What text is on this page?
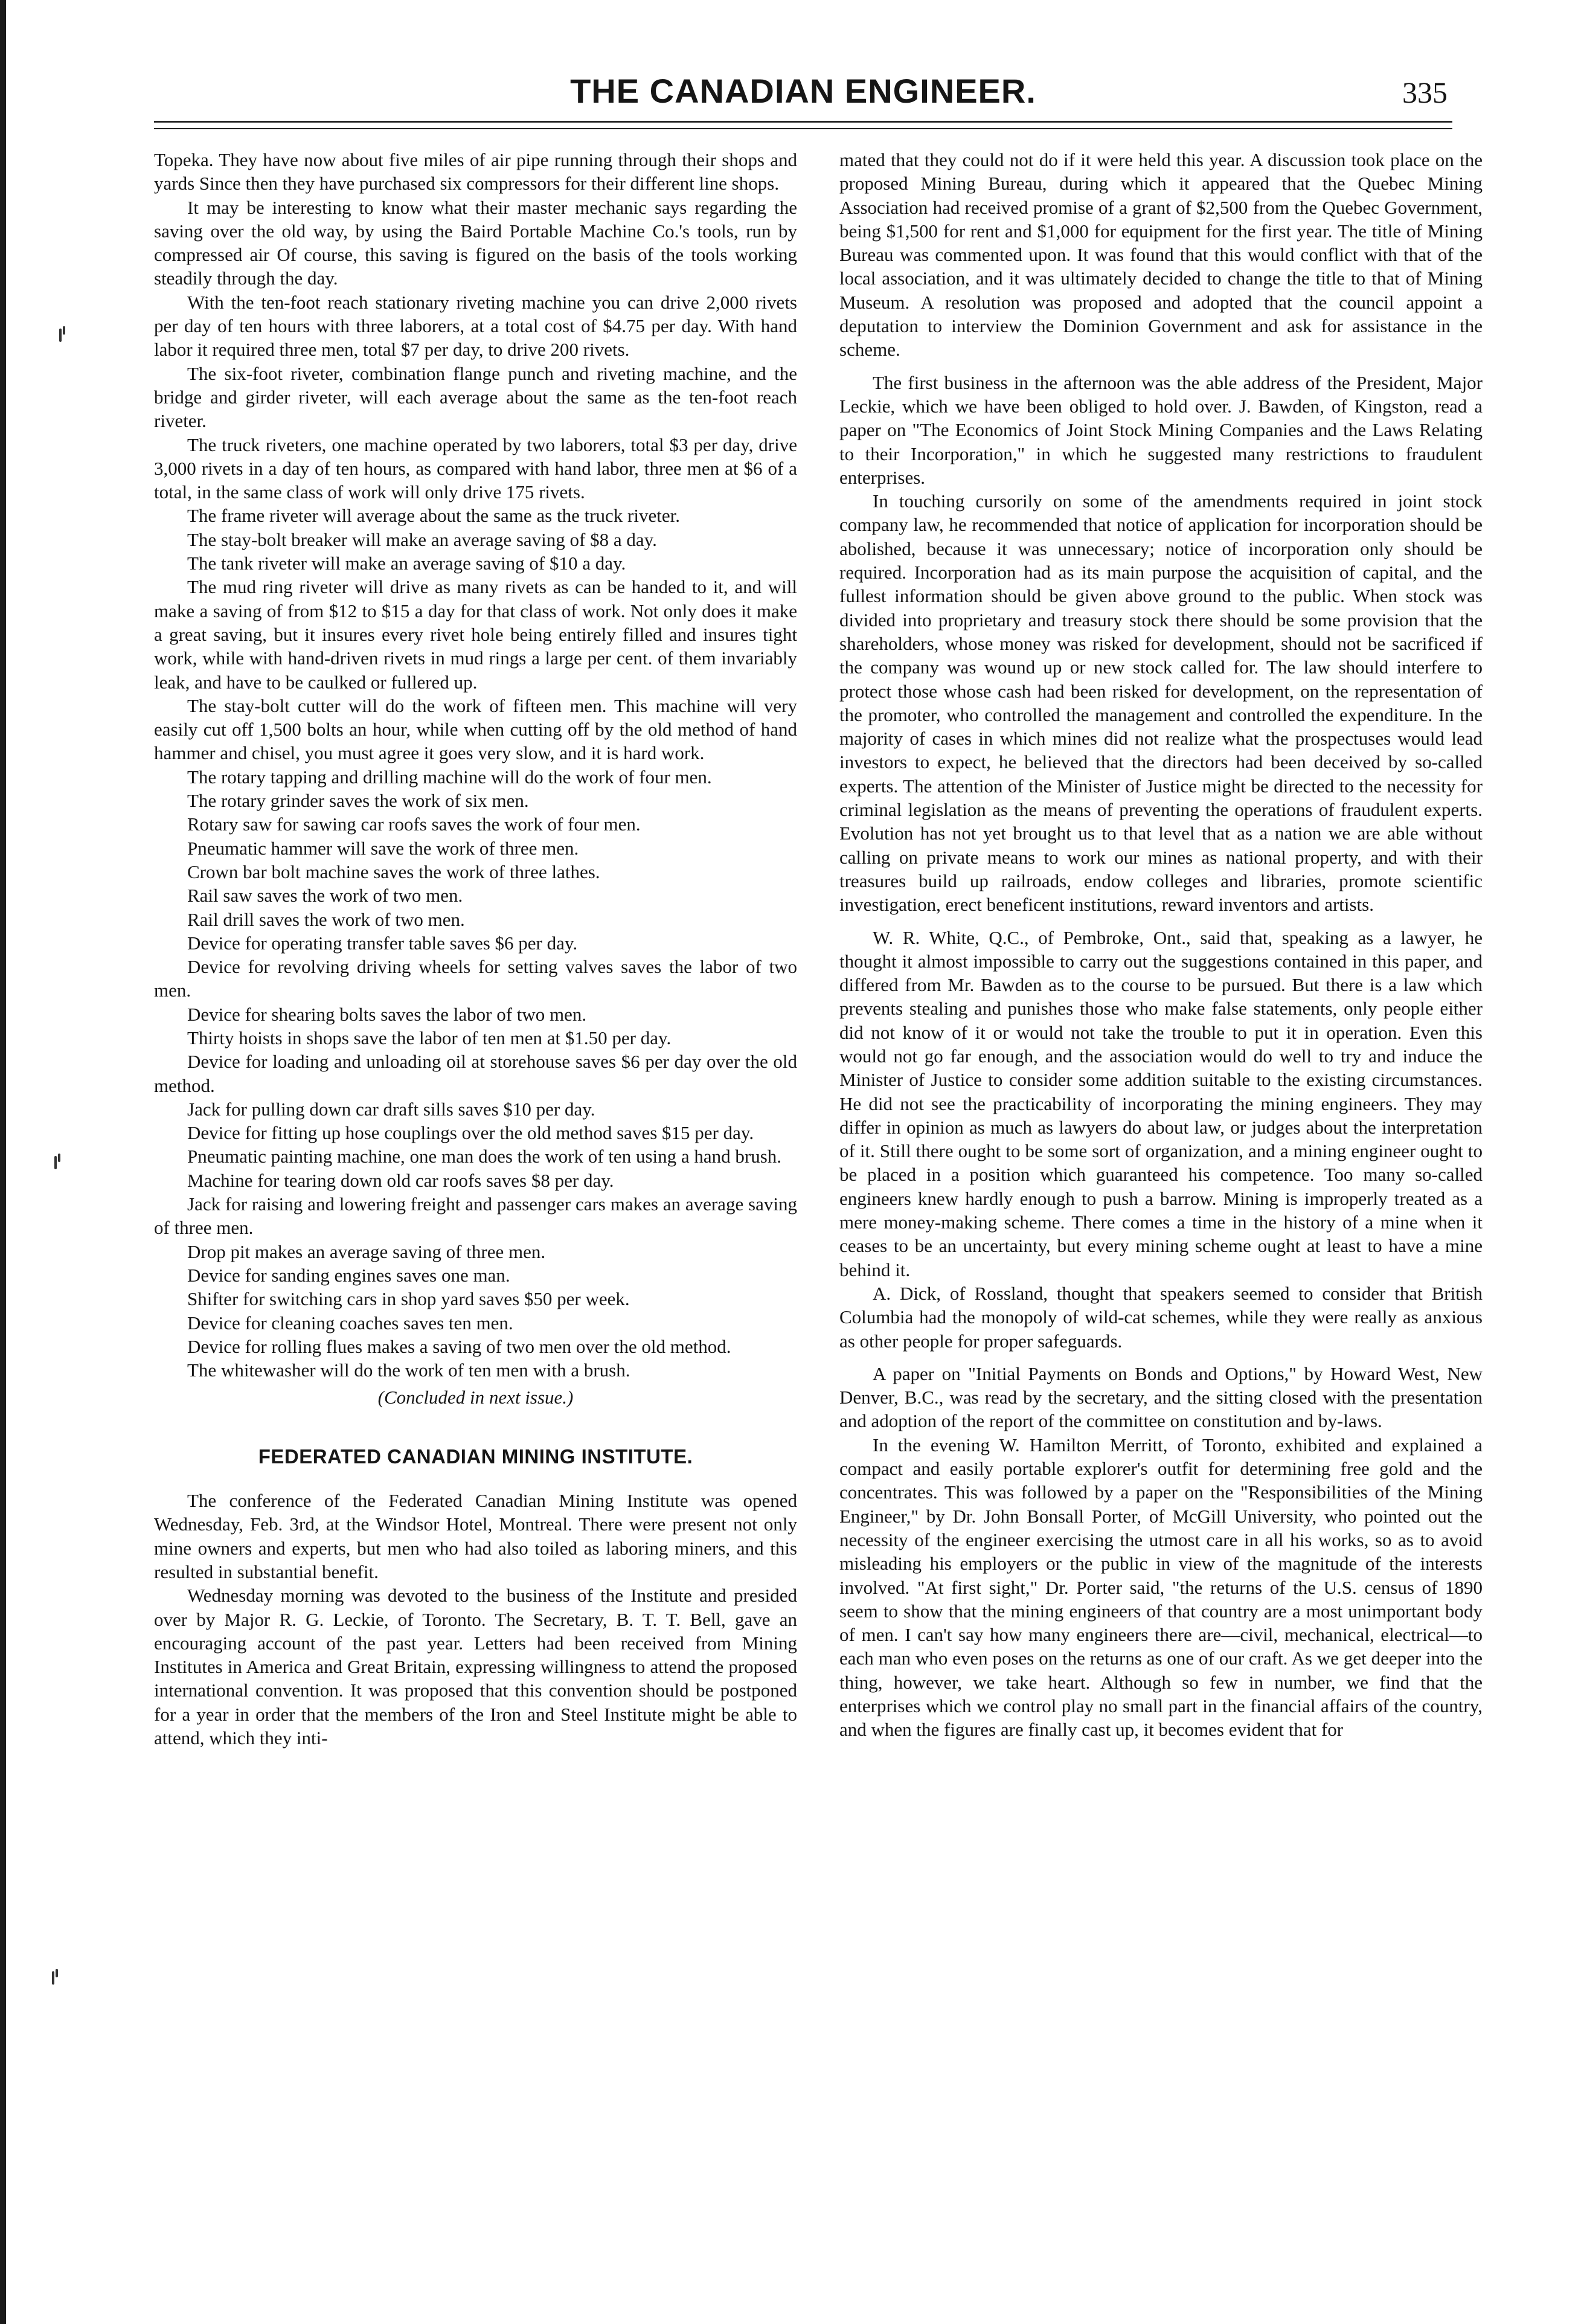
THE CANADIAN ENGINEER.	335

Topeka. They have now about five miles of air pipe running through their shops and yards Since then they have purchased six compressors for their different line shops.

It may be interesting to know what their master mechanic says regarding the saving over the old way, by using the Baird Portable Machine Co.'s tools, run by compressed air Of course, this saving is figured on the basis of the tools working steadily through the day.

With the ten-foot reach stationary riveting machine you can drive 2,000 rivets per day of ten hours with three laborers, at a total cost of $4.75 per day. With hand labor it required three men, total $7 per day, to drive 200 rivets.

The six-foot riveter, combination flange punch and riveting machine, and the bridge and girder riveter, will each average about the same as the ten-foot reach riveter.

The truck riveters, one machine operated by two laborers, total $3 per day, drive 3,000 rivets in a day of ten hours, as compared with hand labor, three men at $6 of a total, in the same class of work will only drive 175 rivets.

The frame riveter will average about the same as the truck riveter.

The stay-bolt breaker will make an average saving of $8 a day.

The tank riveter will make an average saving of $10 a day.

The mud ring riveter will drive as many rivets as can be handed to it, and will make a saving of from $12 to $15 a day for that class of work. Not only does it make a great saving, but it insures every rivet hole being entirely filled and insures tight work, while with hand-driven rivets in mud rings a large per cent. of them invariably leak, and have to be caulked or fullered up.

The stay-bolt cutter will do the work of fifteen men. This machine will very easily cut off 1,500 bolts an hour, while when cutting off by the old method of hand hammer and chisel, you must agree it goes very slow, and it is hard work.

The rotary tapping and drilling machine will do the work of four men.

The rotary grinder saves the work of six men.

Rotary saw for sawing car roofs saves the work of four men.

Pneumatic hammer will save the work of three men.

Crown bar bolt machine saves the work of three lathes.

Rail saw saves the work of two men.

Rail drill saves the work of two men.

Device for operating transfer table saves $6 per day.

Device for revolving driving wheels for setting valves saves the labor of two men.

Device for shearing bolts saves the labor of two men.

Thirty hoists in shops save the labor of ten men at $1.50 per day.

Device for loading and unloading oil at storehouse saves $6 per day over the old method.

Jack for pulling down car draft sills saves $10 per day.

Device for fitting up hose couplings over the old method saves $15 per day.

Pneumatic painting machine, one man does the work of ten using a hand brush.

Machine for tearing down old car roofs saves $8 per day.

Jack for raising and lowering freight and passenger cars makes an average saving of three men.

Drop pit makes an average saving of three men.

Device for sanding engines saves one man.

Shifter for switching cars in shop yard saves $50 per week.

Device for cleaning coaches saves ten men.

Device for rolling flues makes a saving of two men over the old method.

The whitewasher will do the work of ten men with a brush.

(Concluded in next issue.)

FEDERATED CANADIAN MINING INSTITUTE.

The conference of the Federated Canadian Mining Institute was opened Wednesday, Feb. 3rd, at the Windsor Hotel, Montreal. There were present not only mine owners and experts, but men who had also toiled as laboring miners, and this resulted in substantial benefit.

Wednesday morning was devoted to the business of the Institute and presided over by Major R. G. Leckie, of Toronto. The Secretary, B. T. T. Bell, gave an encouraging account of the past year. Letters had been received from Mining Institutes in America and Great Britain, expressing willingness to attend the proposed international convention. It was proposed that this convention should be postponed for a year in order that the members of the Iron and Steel Institute might be able to attend, which they inti-

mated that they could not do if it were held this year. A discussion took place on the proposed Mining Bureau, during which it appeared that the Quebec Mining Association had received promise of a grant of $2,500 from the Quebec Government, being $1,500 for rent and $1,000 for equipment for the first year. The title of Mining Bureau was commented upon. It was found that this would conflict with that of the local association, and it was ultimately decided to change the title to that of Mining Museum. A resolution was proposed and adopted that the council appoint a deputation to interview the Dominion Government and ask for assistance in the scheme.

The first business in the afternoon was the able address of the President, Major Leckie, which we have been obliged to hold over. J. Bawden, of Kingston, read a paper on "The Economics of Joint Stock Mining Companies and the Laws Relating to their Incorporation," in which he suggested many restrictions to fraudulent enterprises.

In touching cursorily on some of the amendments required in joint stock company law, he recommended that notice of application for incorporation should be abolished, because it was unnecessary; notice of incorporation only should be required. Incorporation had as its main purpose the acquisition of capital, and the fullest information should be given above ground to the public. When stock was divided into proprietary and treasury stock there should be some provision that the shareholders, whose money was risked for development, should not be sacrificed if the company was wound up or new stock called for. The law should interfere to protect those whose cash had been risked for development, on the representation of the promoter, who controlled the management and controlled the expenditure. In the majority of cases in which mines did not realize what the prospectuses would lead investors to expect, he believed that the directors had been deceived by so-called experts. The attention of the Minister of Justice might be directed to the necessity for criminal legislation as the means of preventing the operations of fraudulent experts. Evolution has not yet brought us to that level that as a nation we are able without calling on private means to work our mines as national property, and with their treasures build up railroads, endow colleges and libraries, promote scientific investigation, erect beneficent institutions, reward inventors and artists.

W. R. White, Q.C., of Pembroke, Ont., said that, speaking as a lawyer, he thought it almost impossible to carry out the suggestions contained in this paper, and differed from Mr. Bawden as to the course to be pursued. But there is a law which prevents stealing and punishes those who make false statements, only people either did not know of it or would not take the trouble to put it in operation. Even this would not go far enough, and the association would do well to try and induce the Minister of Justice to consider some addition suitable to the existing circumstances. He did not see the practicability of incorporating the mining engineers. They may differ in opinion as much as lawyers do about law, or judges about the interpretation of it. Still there ought to be some sort of organization, and a mining engineer ought to be placed in a position which guaranteed his competence. Too many so-called engineers knew hardly enough to push a barrow. Mining is improperly treated as a mere money-making scheme. There comes a time in the history of a mine when it ceases to be an uncertainty, but every mining scheme ought at least to have a mine behind it.

A. Dick, of Rossland, thought that speakers seemed to consider that British Columbia had the monopoly of wild-cat schemes, while they were really as anxious as other people for proper safeguards.

A paper on "Initial Payments on Bonds and Options," by Howard West, New Denver, B.C., was read by the secretary, and the sitting closed with the presentation and adoption of the report of the committee on constitution and by-laws.

In the evening W. Hamilton Merritt, of Toronto, exhibited and explained a compact and easily portable explorer's outfit for determining free gold and the concentrates. This was followed by a paper on the "Responsibilities of the Mining Engineer," by Dr. John Bonsall Porter, of McGill University, who pointed out the necessity of the engineer exercising the utmost care in all his works, so as to avoid misleading his employers or the public in view of the magnitude of the interests involved. "At first sight," Dr. Porter said, "the returns of the U.S. census of 1890 seem to show that the mining engineers of that country are a most unimportant body of men. I can't say how many engineers there are—civil, mechanical, electrical—to each man who even poses on the returns as one of our craft. As we get deeper into the thing, however, we take heart. Although so few in number, we find that the enterprises which we control play no small part in the financial affairs of the country, and when the figures are finally cast up, it becomes evident that for
